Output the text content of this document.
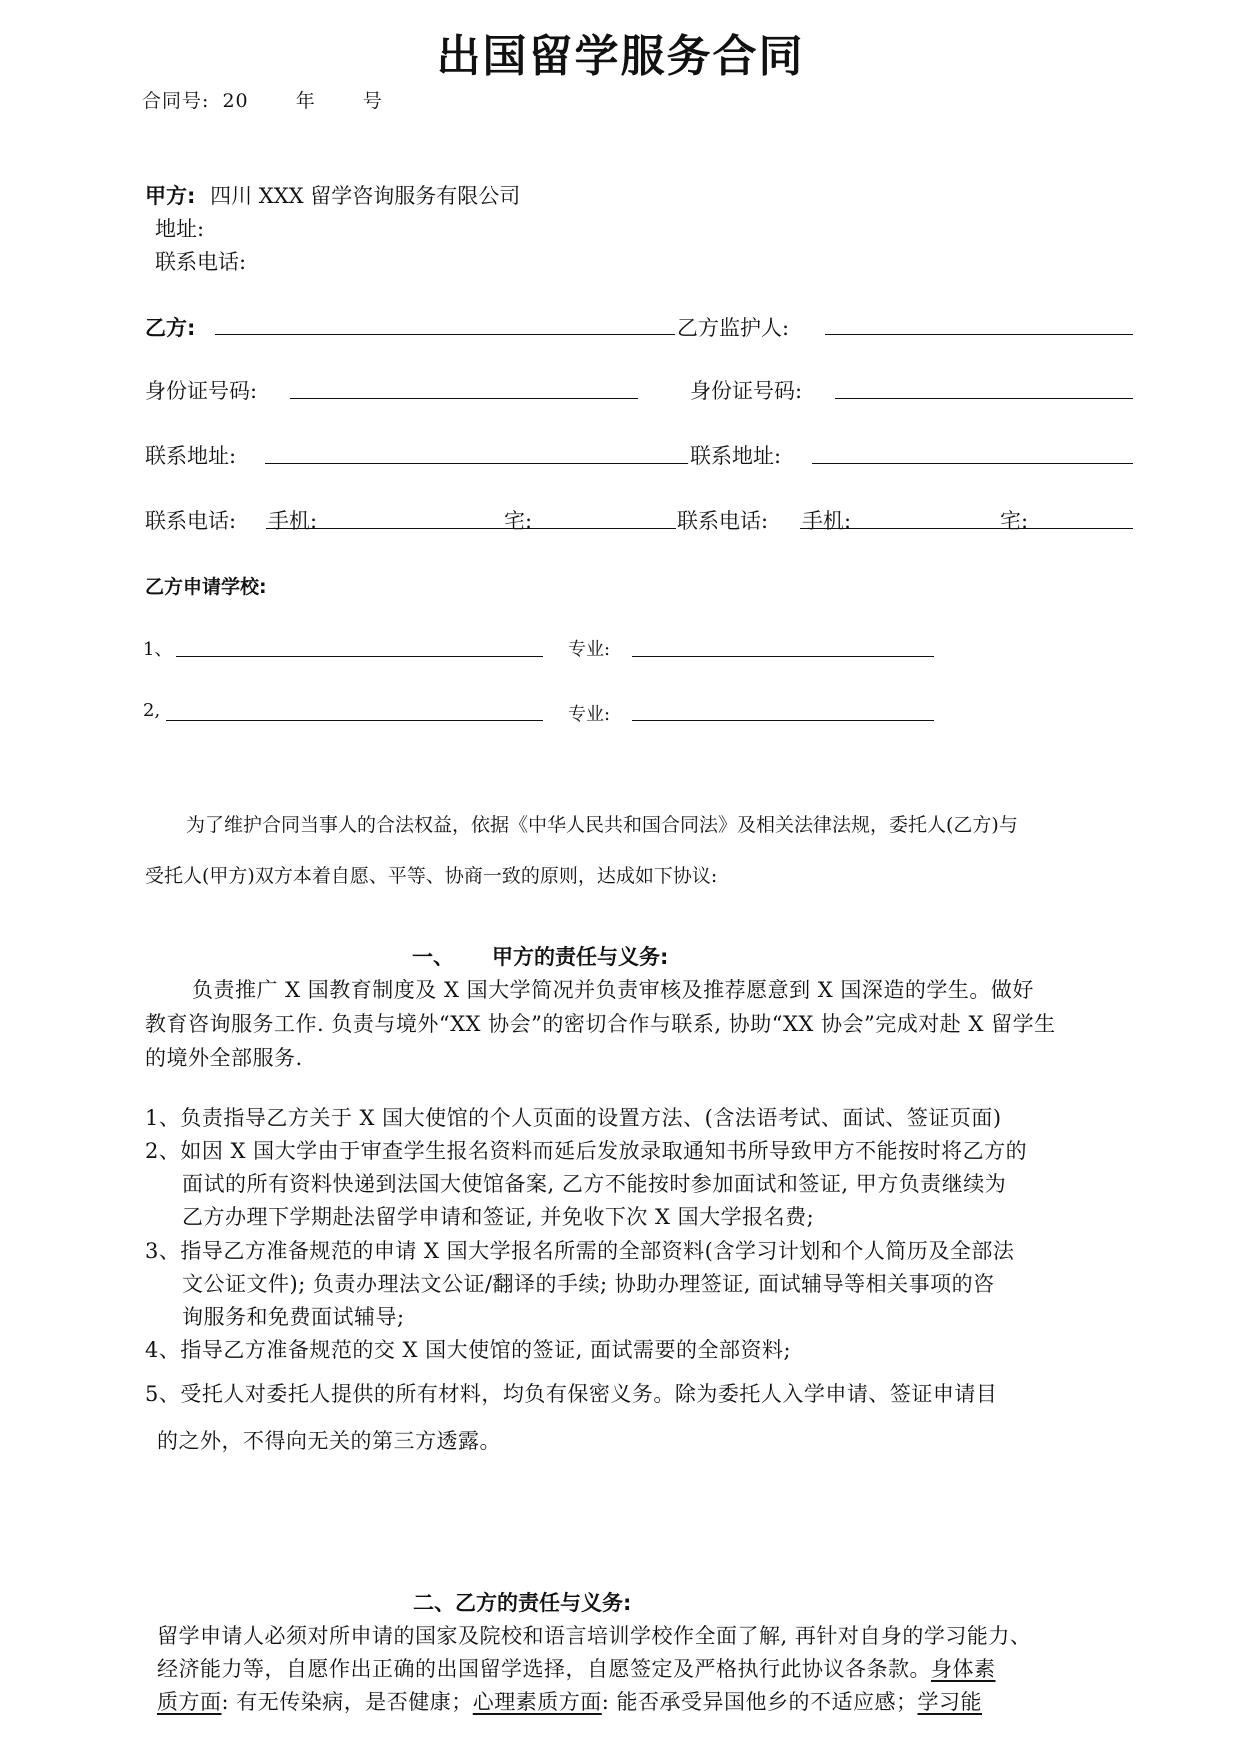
出国留学服务合同
合同号: 20 年 号
甲方: 四川 XXX 留学咨询服务有限公司
地址:
联系电话:
乙方:	乙方监护人:
身份证号码:	身份证号码:
联系地址:	联系地址:
联系电话: 手机:	宅:	联系电话: 手机:	宅:
乙方申请学校:
1、	专业:
2,	专业:
为了维护合同当事人的合法权益，依据《中华人民共和国合同法》及相关法律法规，委托人(乙方)与
受托人(甲方)双方本着自愿、平等、协商一致的原则，达成如下协议:
一、 甲方的责任与义务:
负责推广 X 国教育制度及 X 国大学简况并负责审核及推荐愿意到 X 国深造的学生。做好
教育咨询服务工作. 负责与境外“XX 协会”的密切合作与联系, 协助“XX 协会”完成对赴 X 留学生
的境外全部服务.
1、负责指导乙方关于 X 国大使馆的个人页面的设置方法、(含法语考试、面试、签证页面)
2、如因 X 国大学由于审查学生报名资料而延后发放录取通知书所导致甲方不能按时将乙方的
面试的所有资料快递到法国大使馆备案, 乙方不能按时参加面试和签证, 甲方负责继续为
乙方办理下学期赴法留学申请和签证, 并免收下次 X 国大学报名费;
3、指导乙方准备规范的申请 X 国大学报名所需的全部资料(含学习计划和个人简历及全部法
文公证文件); 负责办理法文公证/翻译的手续; 协助办理签证, 面试辅导等相关事项的咨
询服务和免费面试辅导;
4、指导乙方准备规范的交 X 国大使馆的签证, 面试需要的全部资料;
5、受托人对委托人提供的所有材料，均负有保密义务。除为委托人入学申请、签证申请目
的之外，不得向无关的第三方透露。
二、乙方的责任与义务:
留学申请人必须对所申请的国家及院校和语言培训学校作全面了解, 再针对自身的学习能力、
经济能力等，自愿作出正确的出国留学选择，自愿签定及严格执行此协议各条款。身体素
质方面: 有无传染病，是否健康；心理素质方面: 能否承受异国他乡的不适应感；学习能
